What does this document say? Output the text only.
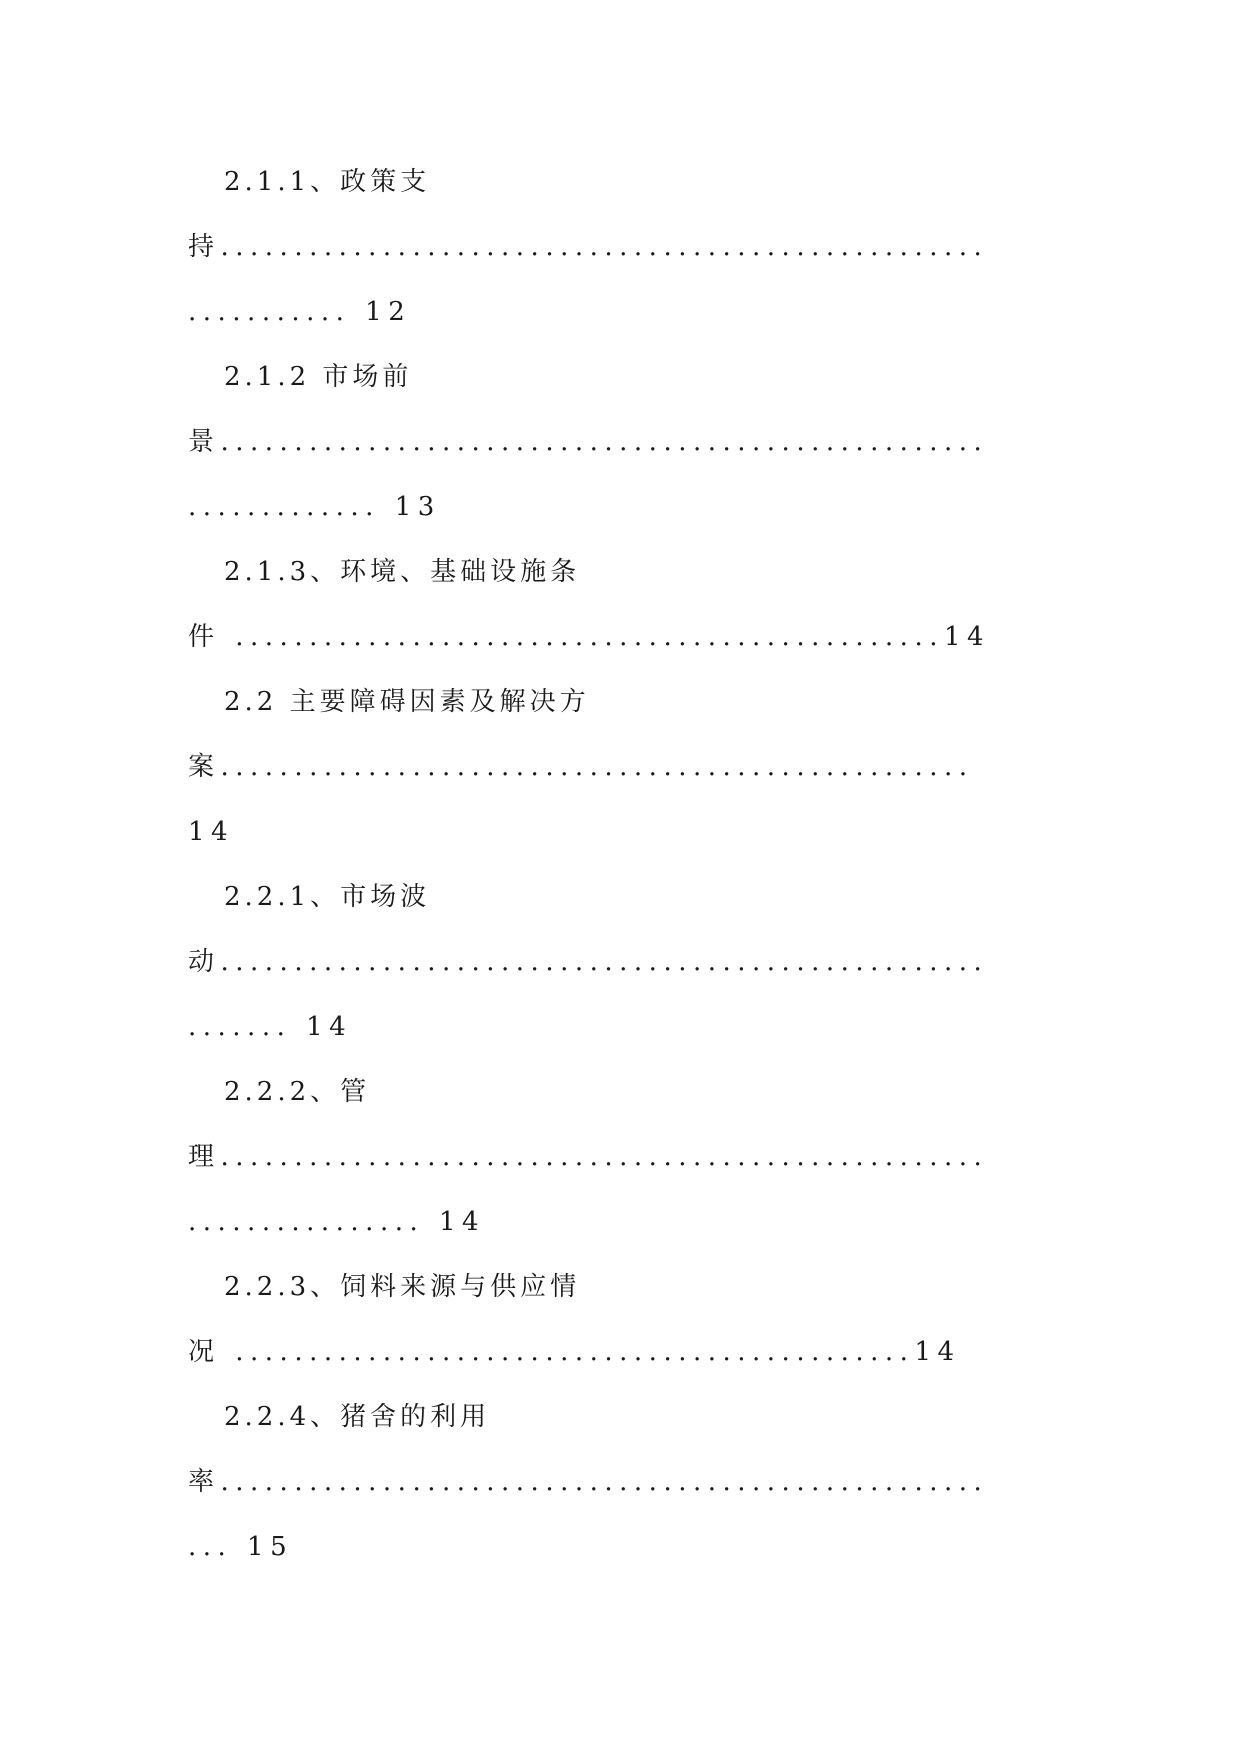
2.1.1、政策支
持....................................................
........... 12
2.1.2 市场前
景....................................................
............. 13
2.1.3、环境、基础设施条
件 ................................................14
2.2 主要障碍因素及解决方
案...................................................
14
2.2.1、市场波
动....................................................
....... 14
2.2.2、管
理....................................................
................ 14
2.2.3、饲料来源与供应情
况 ..............................................14
2.2.4、猪舍的利用
率....................................................
... 15
